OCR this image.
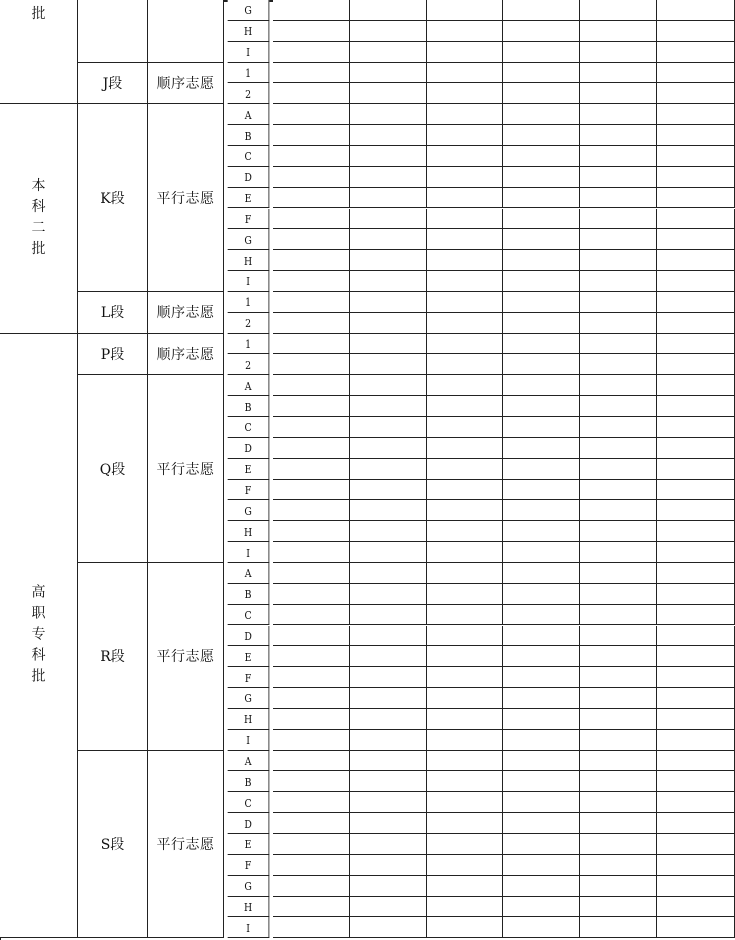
批	G
H
I
J段 顺序志愿
1
2
本
科
二
批
K段 平行志愿
A
B
C
D
E
F
G
H
I
L段 顺序志愿
1
2
高
职
专
科
批
P段 顺序志愿
1
2
Q段 平行志愿
A
B
C
D
E
F
G
H
I
R段 平行志愿
A
B
C
D
E
F
G
H
I
S段 平行志愿
A
B
C
D
E
F
G
H
I
